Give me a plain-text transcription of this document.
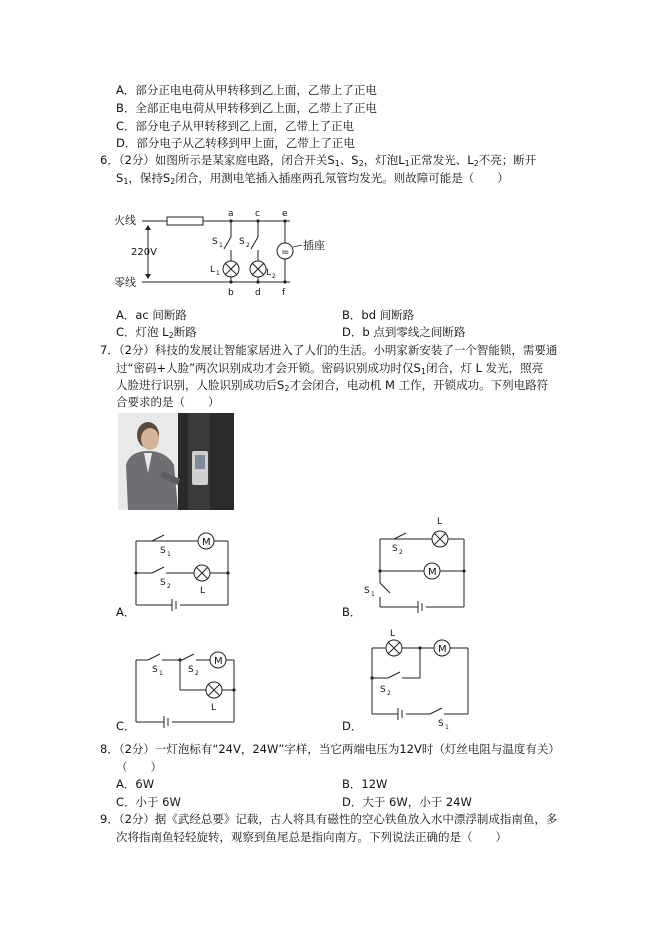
A．部分正电电荷从甲转移到乙上面，乙带上了正电
B．全部正电电荷从甲转移到乙上面，乙带上了正电
C．部分电子从甲转移到乙上面，乙带上了正电
D．部分电子从乙转移到甲上面，乙带上了正电
6．（2分）如图所示是某家庭电路，闭合开关$S_1$、$S_2$，灯泡$L_1$正常发光、$L_2$不亮；断开
$S_1$，保持$S_2$闭合，用测电笔插入插座两孔氖管均发光。则故障可能是（　　）
火线
零线
220V
a c e
b d f
S 1 S 2
L 1	L 2
=
插座
A．ac 间断路	B．bd 间断路
C．灯泡 $L_2$断路	D．b 点到零线之间断路
7．（2分）科技的发展让智能家居进入了人们的生活。小明家新安装了一个智能锁，需要通
过“密码+人脸”两次识别成功才会开锁。密码识别成功时仅$S_1$闭合，灯 L 发光，照亮
人脸进行识别，人脸识别成功后$S_2$才会闭合，电动机 M 工作，开锁成功。下列电路符
合要求的是（　　）
M
S 1
S 2	L
A．
L
S 2
M
S 1
B．
S 1	S 2
M
L
C．
L
M
S 2
S 1
D．
8．（2分）一灯泡标有“24V，24W”字样，当它两端电压为12V时（灯丝电阻与温度有关）
（　　）
A．6W	B．12W
C．小于 6W	D．大于 6W，小于 24W
9．（2分）据《武经总要》记载，古人将具有磁性的空心铁鱼放入水中漂浮制成指南鱼，多
次将指南鱼轻轻旋转，观察到鱼尾总是指向南方。下列说法正确的是（　　）
